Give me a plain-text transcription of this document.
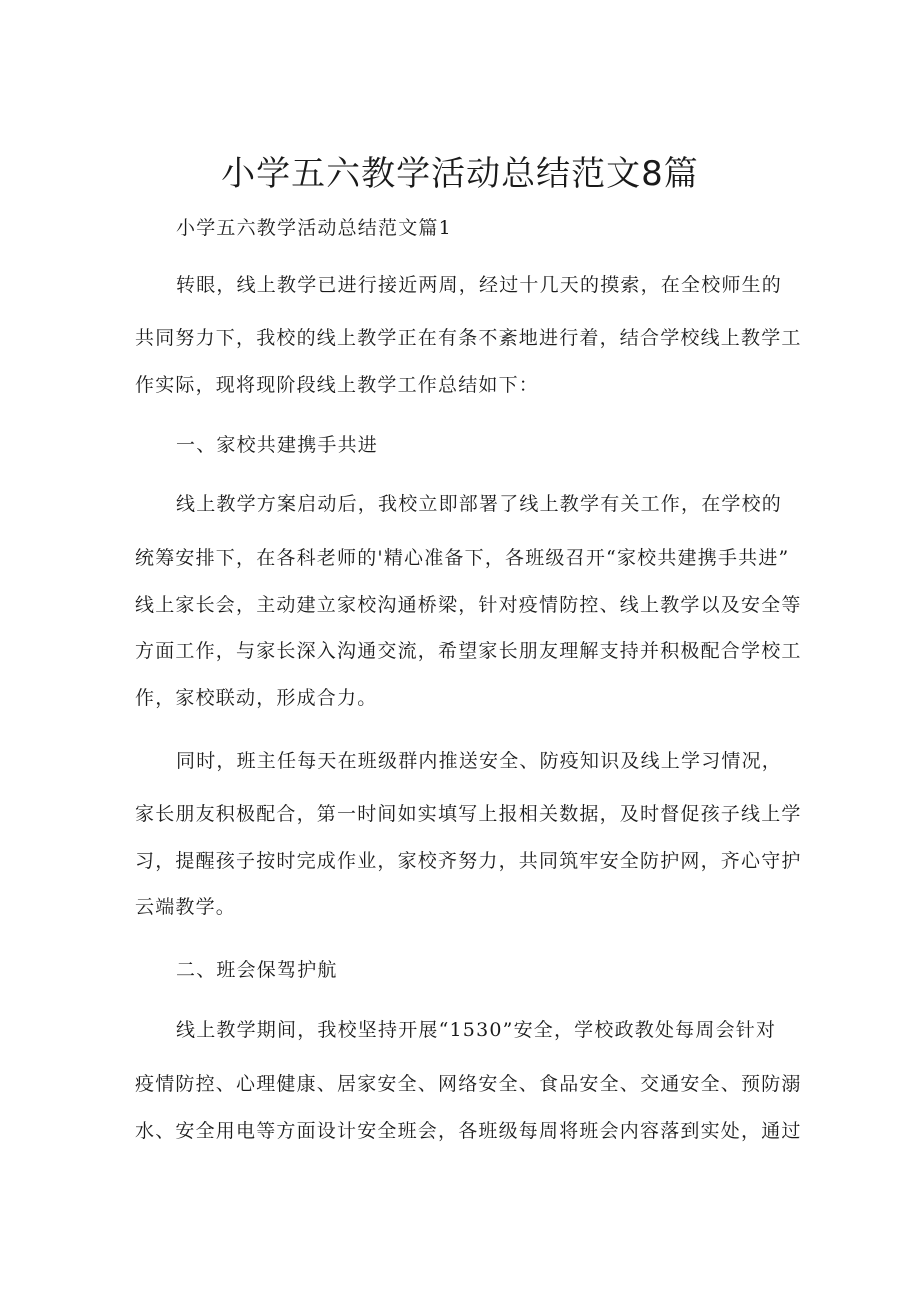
小学五六教学活动总结范文8篇
小学五六教学活动总结范文篇1
转眼，线上教学已进行接近两周，经过十几天的摸索，在全校师生的
共同努力下，我校的线上教学正在有条不紊地进行着，结合学校线上教学工
作实际，现将现阶段线上教学工作总结如下：
一、家校共建携手共进
线上教学方案启动后，我校立即部署了线上教学有关工作，在学校的
统筹安排下，在各科老师的'精心准备下，各班级召开“家校共建携手共进”
线上家长会，主动建立家校沟通桥梁，针对疫情防控、线上教学以及安全等
方面工作，与家长深入沟通交流，希望家长朋友理解支持并积极配合学校工
作，家校联动，形成合力。
同时，班主任每天在班级群内推送安全、防疫知识及线上学习情况，
家长朋友积极配合，第一时间如实填写上报相关数据，及时督促孩子线上学
习，提醒孩子按时完成作业，家校齐努力，共同筑牢安全防护网，齐心守护
云端教学。
二、班会保驾护航
线上教学期间，我校坚持开展“1530”安全，学校政教处每周会针对
疫情防控、心理健康、居家安全、网络安全、食品安全、交通安全、预防溺
水、安全用电等方面设计安全班会，各班级每周将班会内容落到实处，通过
